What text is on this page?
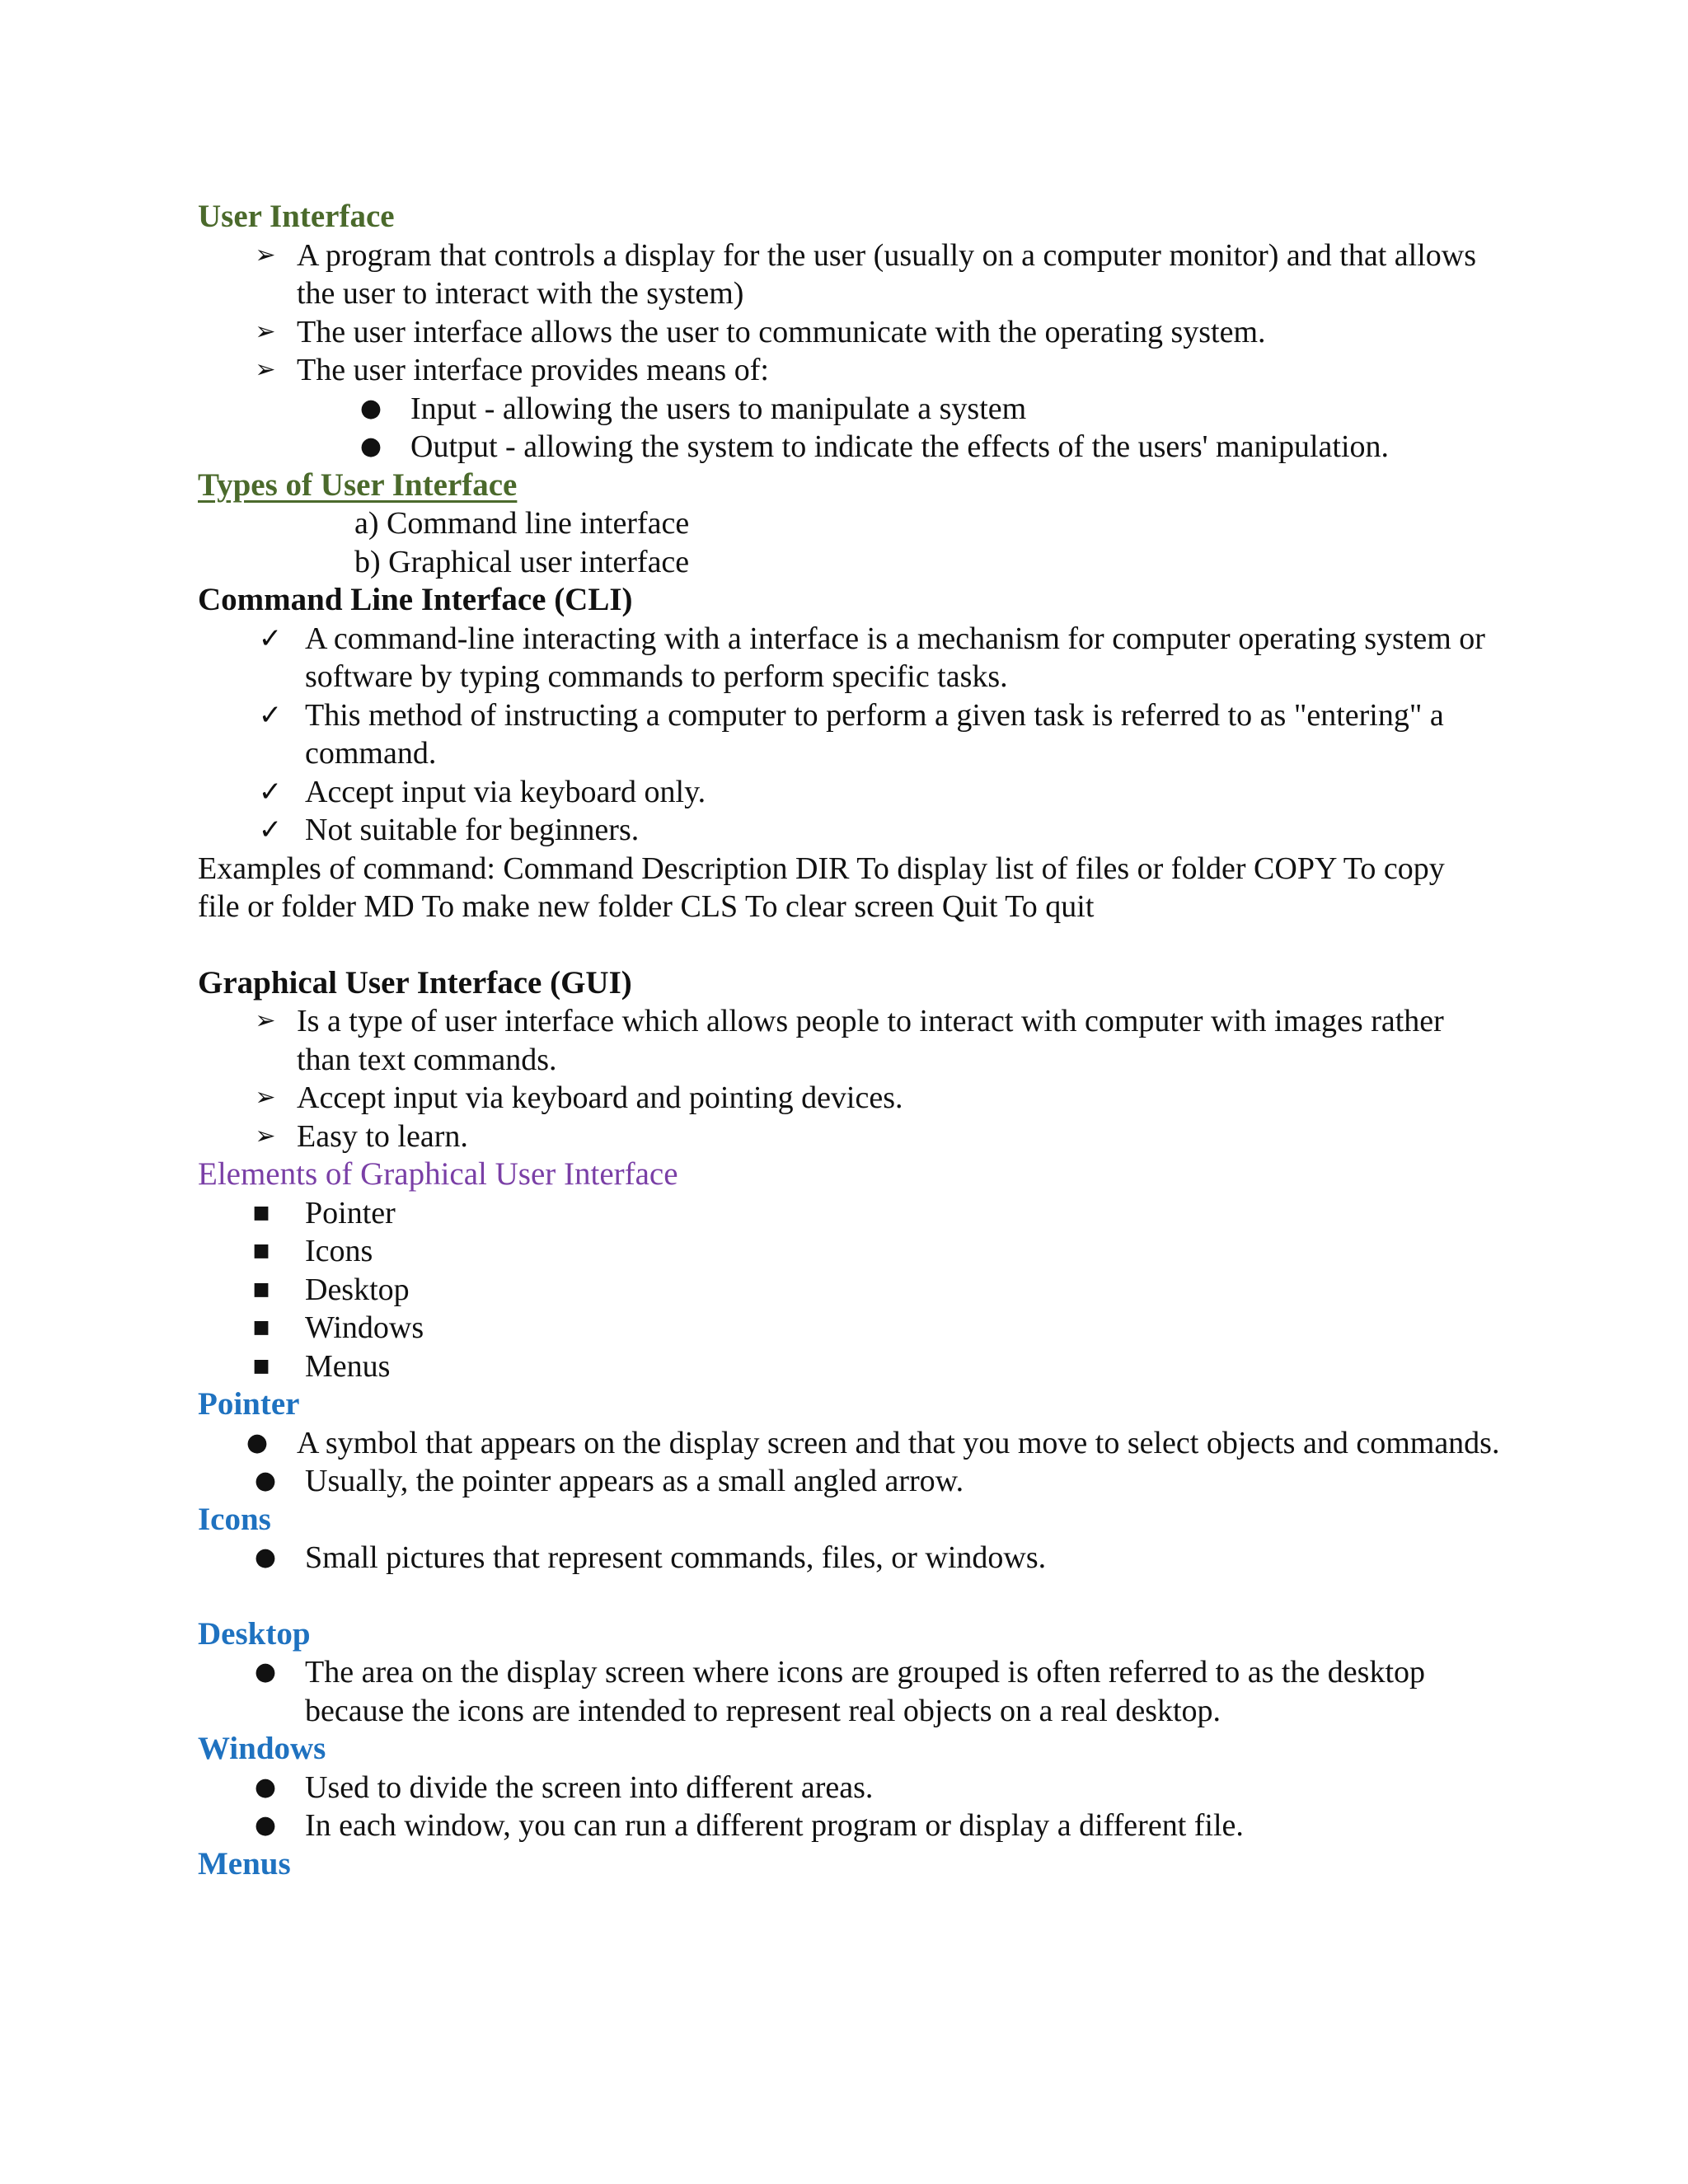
User Interface
➢ A program that controls a display for the user (usually on a computer monitor) and that allows the user to interact with the system)
➢ The user interface allows the user to communicate with the operating system.
➢ The user interface provides means of:
● Input - allowing the users to manipulate a system
● Output - allowing the system to indicate the effects of the users' manipulation.
Types of User Interface
a) Command line interface
b) Graphical user interface
Command Line Interface (CLI)
✓ A command-line interacting with a interface is a mechanism for computer operating system or software by typing commands to perform specific tasks.
✓ This method of instructing a computer to perform a given task is referred to as "entering" a command.
✓ Accept input via keyboard only.
✓ Not suitable for beginners.
Examples of command: Command Description DIR To display list of files or folder COPY To copy file or folder MD To make new folder CLS To clear screen Quit To quit
Graphical User Interface (GUI)
➢ Is a type of user interface which allows people to interact with computer with images rather than text commands.
➢ Accept input via keyboard and pointing devices.
➢ Easy to learn.
Elements of Graphical User Interface
■ Pointer
■ Icons
■ Desktop
■ Windows
■ Menus
Pointer
● A symbol that appears on the display screen and that you move to select objects and commands.
● Usually, the pointer appears as a small angled arrow.
Icons
● Small pictures that represent commands, files, or windows.
Desktop
● The area on the display screen where icons are grouped is often referred to as the desktop because the icons are intended to represent real objects on a real desktop.
Windows
● Used to divide the screen into different areas.
● In each window, you can run a different program or display a different file.
Menus
